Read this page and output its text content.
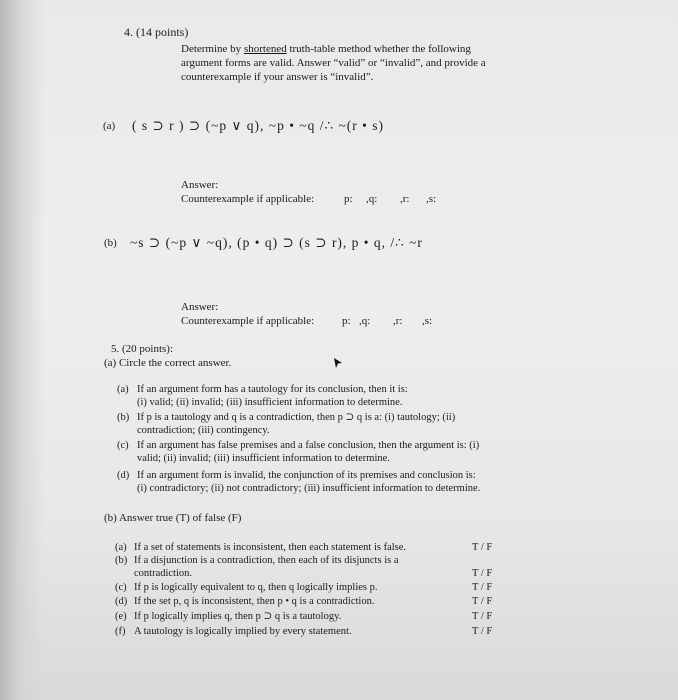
4. (14 points)
Determine by shortened truth-table method whether the following
argument forms are valid. Answer “valid” or “invalid”, and provide a
counterexample if your answer is “invalid”.
(a) ( s ⊃ r ) ⊃ (~p ∨ q), ~p • ~q /∴ ~(r • s)
Answer:
Counterexample if applicable:	p: ,q: ,r: ,s:
(b) ~s ⊃ (~p ∨ ~q), (p • q) ⊃ (s ⊃ r), p • q, /∴ ~r
Answer:
Counterexample if applicable:	p: ,q: ,r: ,s:
5. (20 points):
(a) Circle the correct answer.
(a) If an argument form has a tautology for its conclusion, then it is:
(i) valid; (ii) invalid; (iii) insufficient information to determine.
(b) If p is a tautology and q is a contradiction, then p ⊃ q is a: (i) tautology; (ii)
contradiction; (iii) contingency.
(c) If an argument has false premises and a false conclusion, then the argument is: (i)
valid; (ii) invalid; (iii) insufficient information to determine.
(d) If an argument form is invalid, the conjunction of its premises and conclusion is:
(i) contradictory; (ii) not contradictory; (iii) insufficient information to determine.
(b) Answer true (T) of false (F)
(a) If a set of statements is inconsistent, then each statement is false.	T / F
(b) If a disjunction is a contradiction, then each of its disjuncts is a
contradiction.	T / F
(c) If p is logically equivalent to q, then q logically implies p.	T / F
(d) If the set p, q is inconsistent, then p • q is a contradiction.	T / F
(e) If p logically implies q, then p ⊃ q is a tautology.	T / F
(f) A tautology is logically implied by every statement.	T / F
